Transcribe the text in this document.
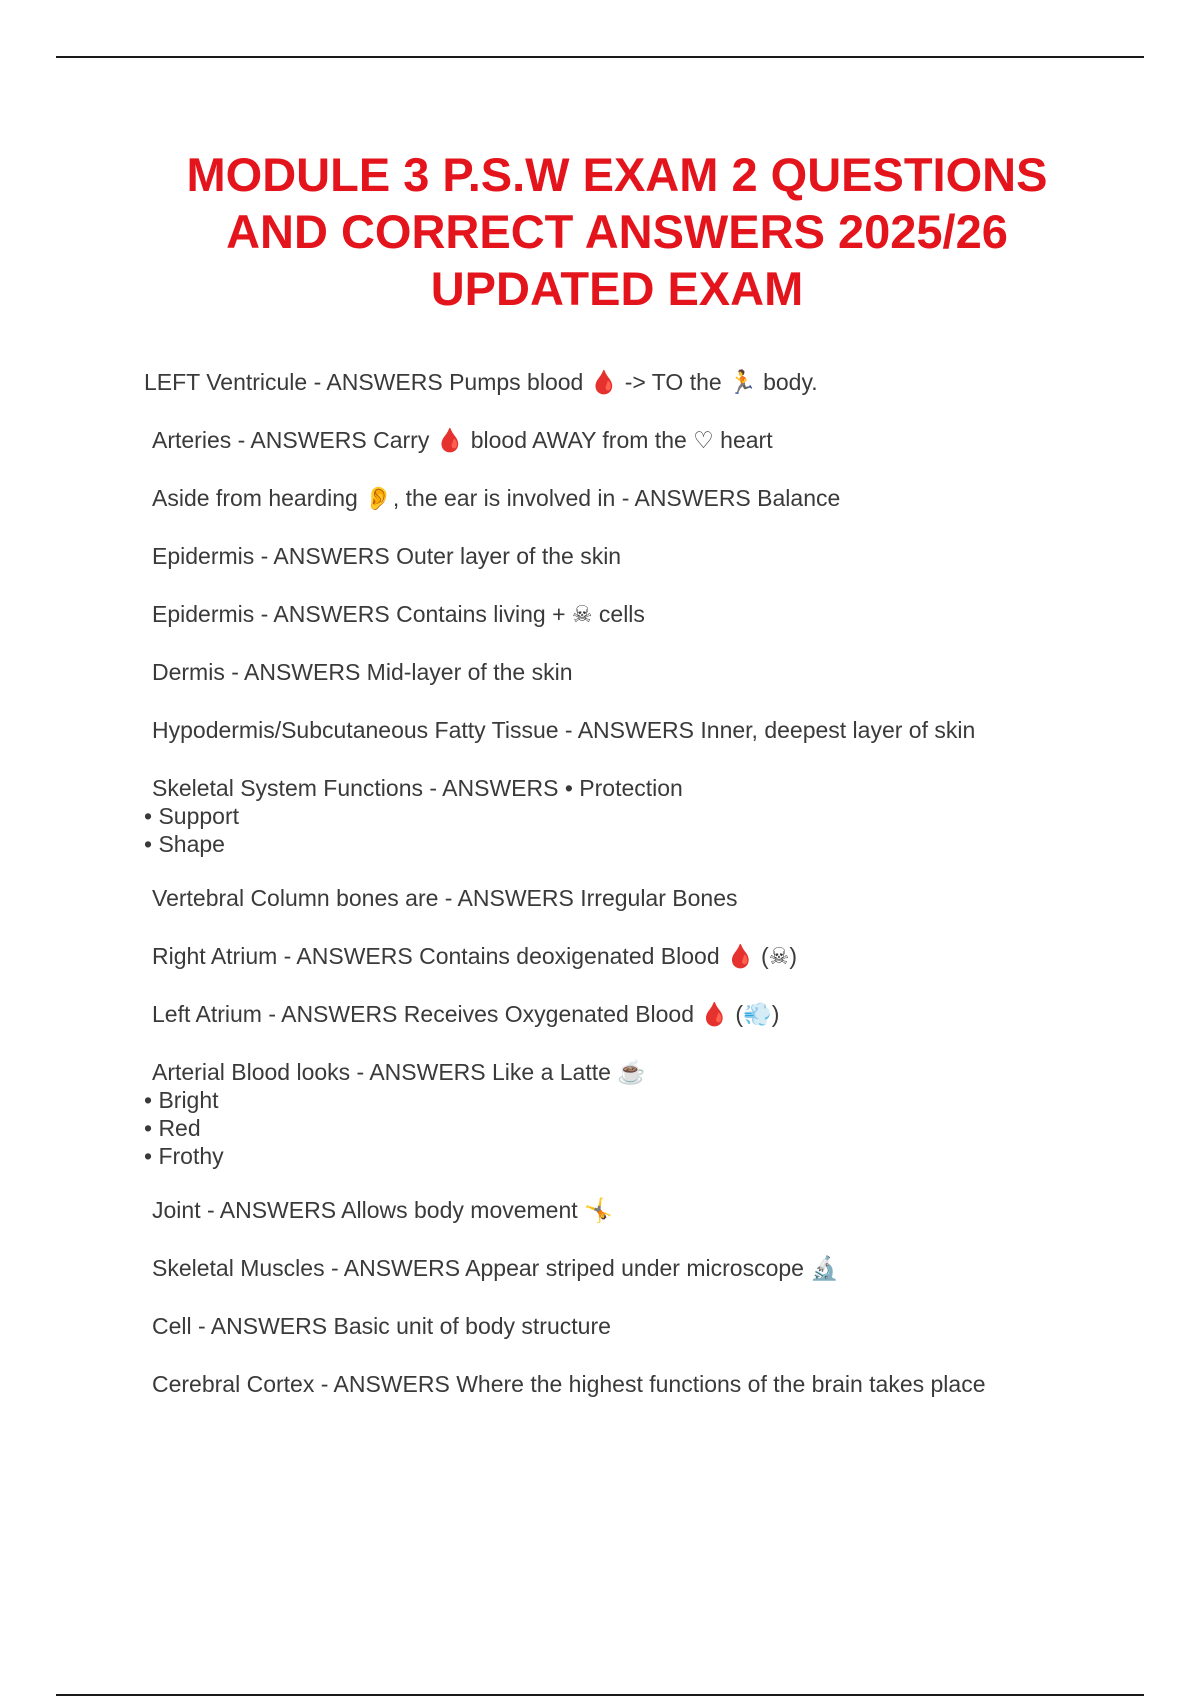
MODULE 3 P.S.W EXAM 2 QUESTIONS
AND CORRECT ANSWERS 2025/26
UPDATED EXAM
LEFT Ventricule - ANSWERS Pumps blood 🩸 -> TO the 🏃 body.
Arteries - ANSWERS Carry 🩸 blood AWAY from the ♡ heart
Aside from hearding 👂, the ear is involved in - ANSWERS Balance
Epidermis - ANSWERS Outer layer of the skin
Epidermis - ANSWERS Contains living + ☠ cells
Dermis - ANSWERS Mid-layer of the skin
Hypodermis/Subcutaneous Fatty Tissue - ANSWERS Inner, deepest layer of skin
Skeletal System Functions - ANSWERS • Protection
• Support
• Shape
Vertebral Column bones are - ANSWERS Irregular Bones
Right Atrium - ANSWERS Contains deoxigenated Blood 🩸 (☠)
Left Atrium - ANSWERS Receives Oxygenated Blood 🩸 (💨)
Arterial Blood looks - ANSWERS Like a Latte ☕
• Bright
• Red
• Frothy
Joint - ANSWERS Allows body movement 🤸
Skeletal Muscles - ANSWERS Appear striped under microscope 🔬
Cell - ANSWERS Basic unit of body structure
Cerebral Cortex - ANSWERS Where the highest functions of the brain takes place
